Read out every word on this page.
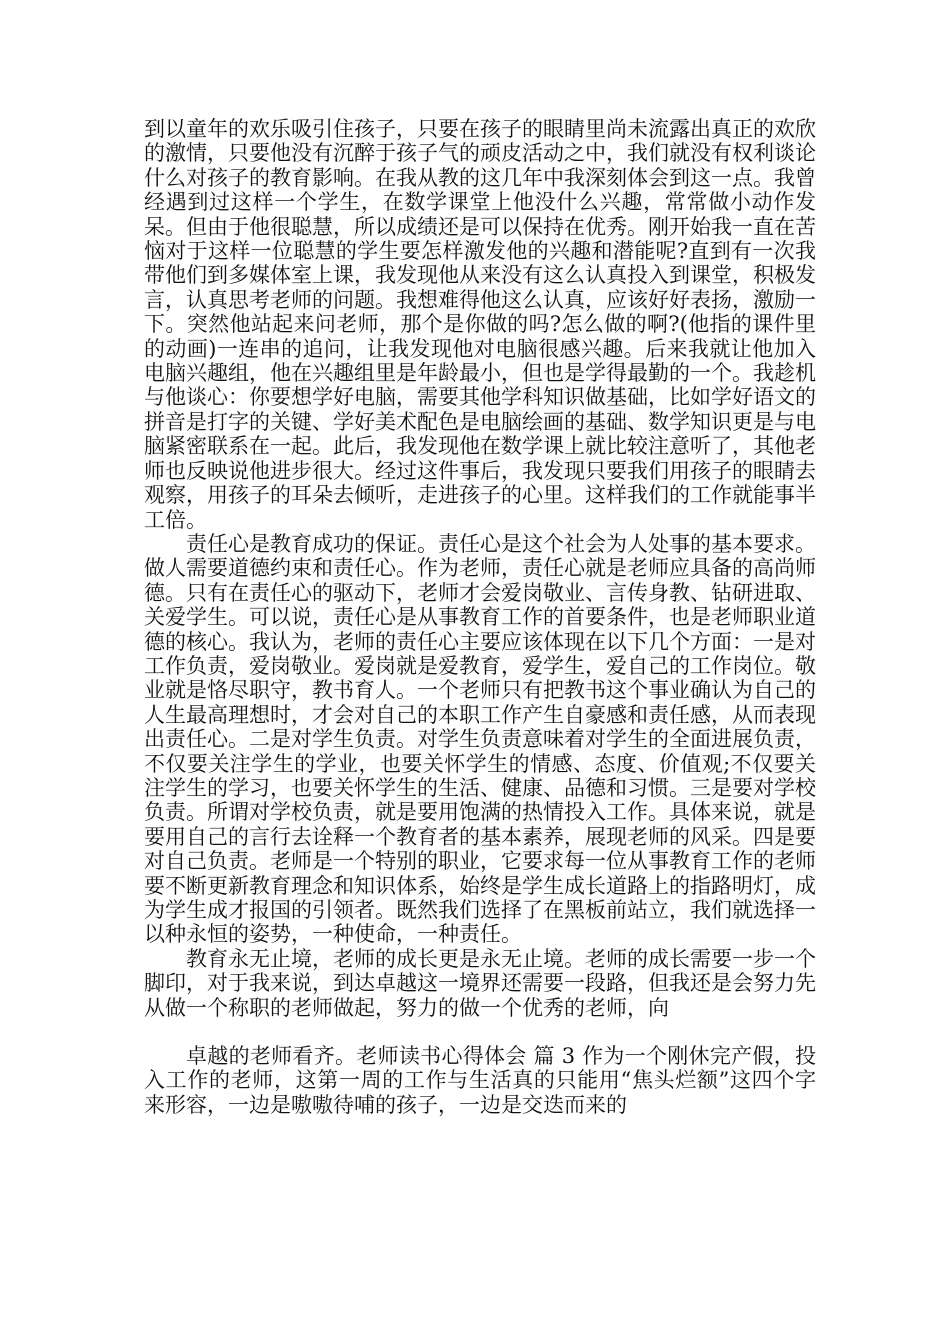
到以童年的欢乐吸引住孩子，只要在孩子的眼睛里尚未流露出真正的欢欣的激情，只要他没有沉醉于孩子气的顽皮活动之中，我们就没有权利谈论什么对孩子的教育影响。在我从教的这几年中我深刻体会到这一点。我曾经遇到过这样一个学生，在数学课堂上他没什么兴趣，常常做小动作发呆。但由于他很聪慧，所以成绩还是可以保持在优秀。刚开始我一直在苦恼对于这样一位聪慧的学生要怎样激发他的兴趣和潜能呢?直到有一次我带他们到多媒体室上课，我发现他从来没有这么认真投入到课堂，积极发言，认真思考老师的问题。我想难得他这么认真，应该好好表扬，激励一下。突然他站起来问老师，那个是你做的吗?怎么做的啊?(他指的课件里的动画)一连串的追问，让我发现他对电脑很感兴趣。后来我就让他加入电脑兴趣组，他在兴趣组里是年龄最小，但也是学得最勤的一个。我趁机与他谈心：你要想学好电脑，需要其他学科知识做基础，比如学好语文的拼音是打字的关键、学好美术配色是电脑绘画的基础、数学知识更是与电脑紧密联系在一起。此后，我发现他在数学课上就比较注意听了，其他老师也反映说他进步很大。经过这件事后，我发现只要我们用孩子的眼睛去观察，用孩子的耳朵去倾听，走进孩子的心里。这样我们的工作就能事半工倍。

责任心是教育成功的保证。责任心是这个社会为人处事的基本要求。做人需要道德约束和责任心。作为老师，责任心就是老师应具备的高尚师德。只有在责任心的驱动下，老师才会爱岗敬业、言传身教、钻研进取、关爱学生。可以说，责任心是从事教育工作的首要条件，也是老师职业道德的核心。我认为，老师的责任心主要应该体现在以下几个方面：一是对工作负责，爱岗敬业。爱岗就是爱教育，爱学生，爱自己的工作岗位。敬业就是恪尽职守，教书育人。一个老师只有把教书这个事业确认为自己的人生最高理想时，才会对自己的本职工作产生自豪感和责任感，从而表现出责任心。二是对学生负责。对学生负责意味着对学生的全面进展负责，不仅要关注学生的学业，也要关怀学生的情感、态度、价值观;不仅要关注学生的学习，也要关怀学生的生活、健康、品德和习惯。三是要对学校负责。所谓对学校负责，就是要用饱满的热情投入工作。具体来说，就是要用自己的言行去诠释一个教育者的基本素养，展现老师的风采。四是要对自己负责。老师是一个特别的职业，它要求每一位从事教育工作的老师要不断更新教育理念和知识体系，始终是学生成长道路上的指路明灯，成为学生成才报国的引领者。既然我们选择了在黑板前站立，我们就选择一以种永恒的姿势，一种使命，一种责任。

教育永无止境，老师的成长更是永无止境。老师的成长需要一步一个脚印，对于我来说，到达卓越这一境界还需要一段路，但我还是会努力先从做一个称职的老师做起，努力的做一个优秀的老师，向

卓越的老师看齐。老师读书心得体会 篇 3 作为一个刚休完产假，投入工作的老师，这第一周的工作与生活真的只能用“焦头烂额”这四个字来形容，一边是嗷嗷待哺的孩子，一边是交迭而来的
